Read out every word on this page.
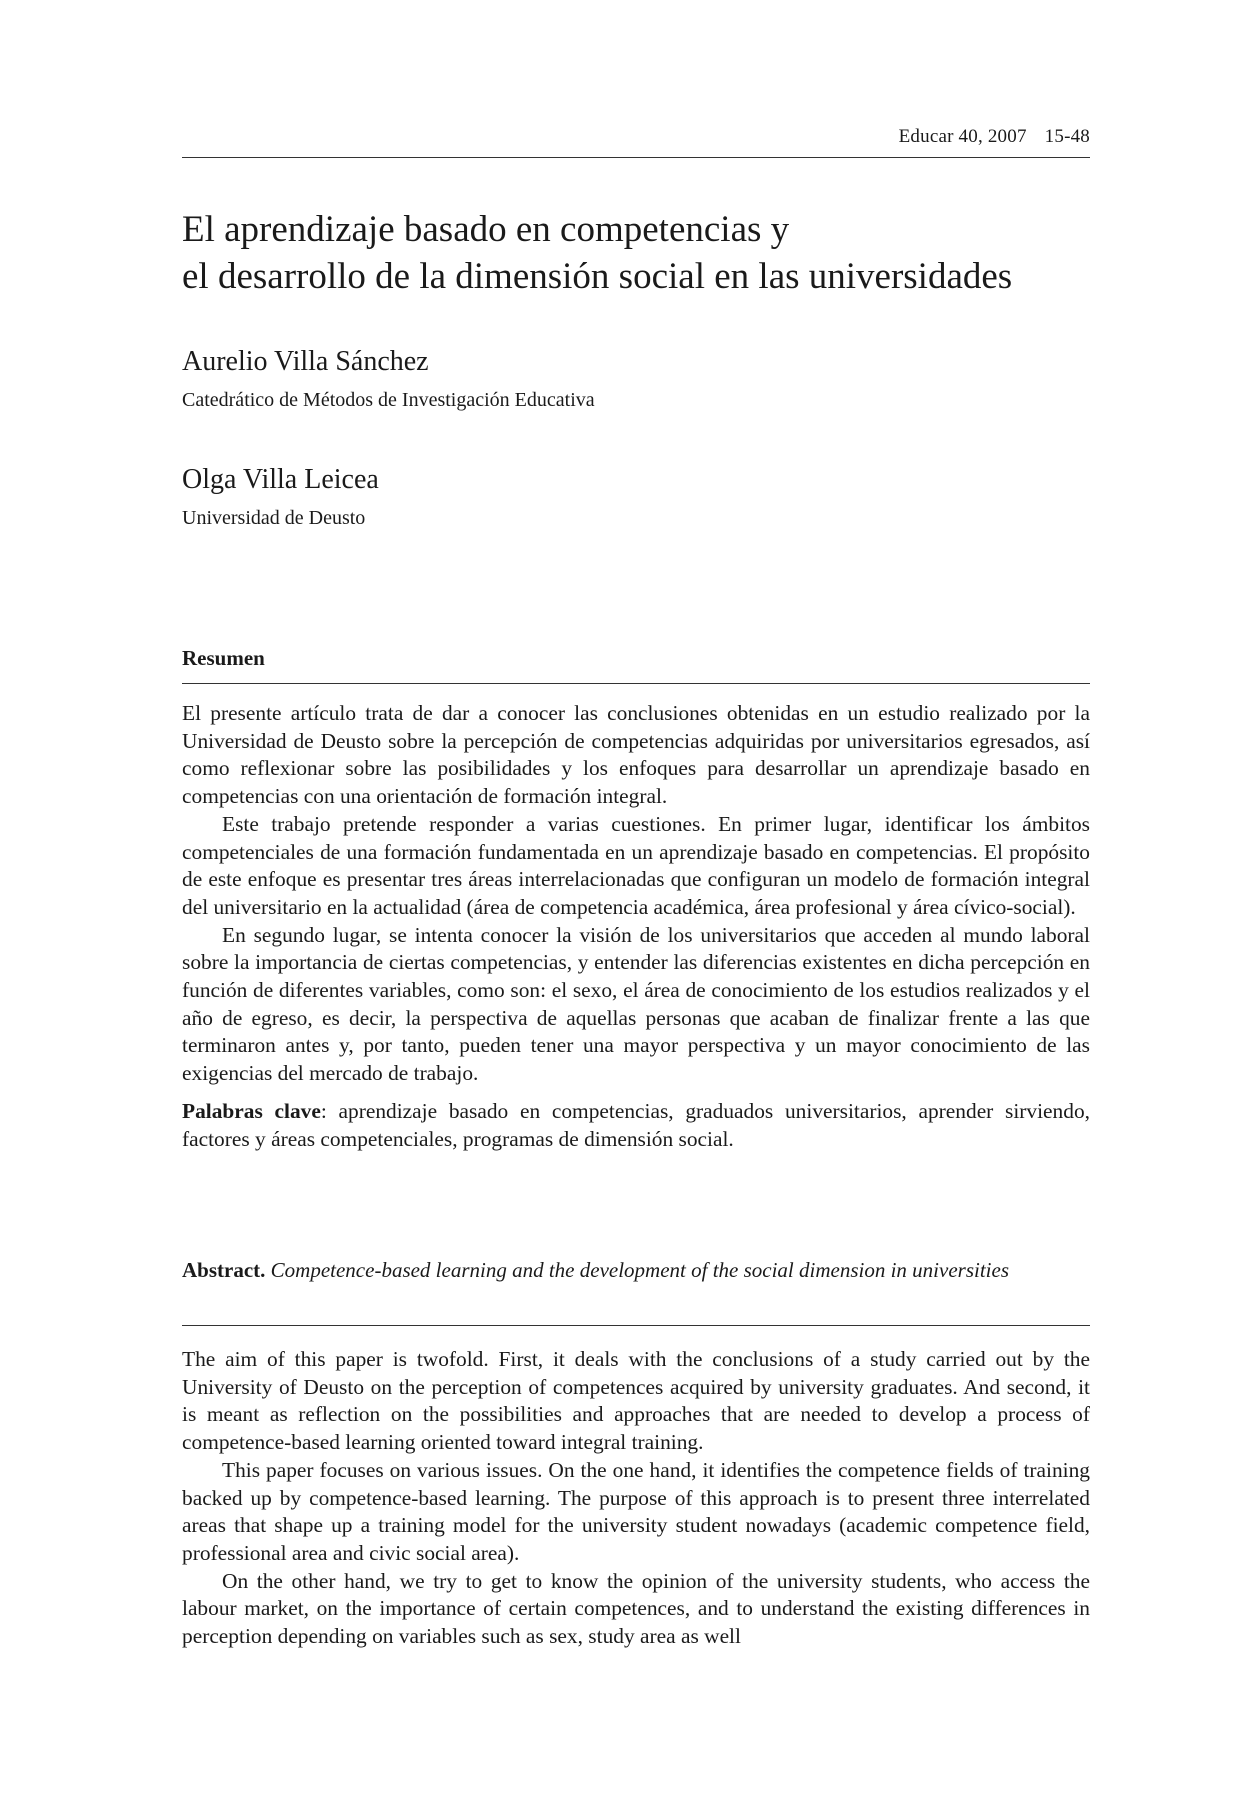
Educar 40, 2007 15-48
El aprendizaje basado en competencias y
el desarrollo de la dimensión social en las universidades
Aurelio Villa Sánchez
Catedrático de Métodos de Investigación Educativa
Olga Villa Leicea
Universidad de Deusto
Resumen

El presente artículo trata de dar a conocer las conclusiones obtenidas en un estudio realizado por la Universidad de Deusto sobre la percepción de competencias adquiridas por universitarios egresados, así como reflexionar sobre las posibilidades y los enfoques para desarrollar un aprendizaje basado en competencias con una orientación de formación integral.

Este trabajo pretende responder a varias cuestiones. En primer lugar, identificar los ámbitos competenciales de una formación fundamentada en un aprendizaje basado en competencias. El propósito de este enfoque es presentar tres áreas interrelacionadas que configuran un modelo de formación integral del universitario en la actualidad (área de competencia académica, área profesional y área cívico-social).

En segundo lugar, se intenta conocer la visión de los universitarios que acceden al mundo laboral sobre la importancia de ciertas competencias, y entender las diferencias existentes en dicha percepción en función de diferentes variables, como son: el sexo, el área de conocimiento de los estudios realizados y el año de egreso, es decir, la perspectiva de aquellas personas que acaban de finalizar frente a las que terminaron antes y, por tanto, pueden tener una mayor perspectiva y un mayor conocimiento de las exigencias del mercado de trabajo.

Palabras clave: aprendizaje basado en competencias, graduados universitarios, aprender sirviendo, factores y áreas competenciales, programas de dimensión social.

Abstract. Competence-based learning and the development of the social dimension in universities

The aim of this paper is twofold. First, it deals with the conclusions of a study carried out by the University of Deusto on the perception of competences acquired by university graduates. And second, it is meant as reflection on the possibilities and approaches that are needed to develop a process of competence-based learning oriented toward integral training.

This paper focuses on various issues. On the one hand, it identifies the competence fields of training backed up by competence-based learning. The purpose of this approach is to present three interrelated areas that shape up a training model for the university student nowadays (academic competence field, professional area and civic social area).

On the other hand, we try to get to know the opinion of the university students, who access the labour market, on the importance of certain competences, and to understand the existing differences in perception depending on variables such as sex, study area as well
